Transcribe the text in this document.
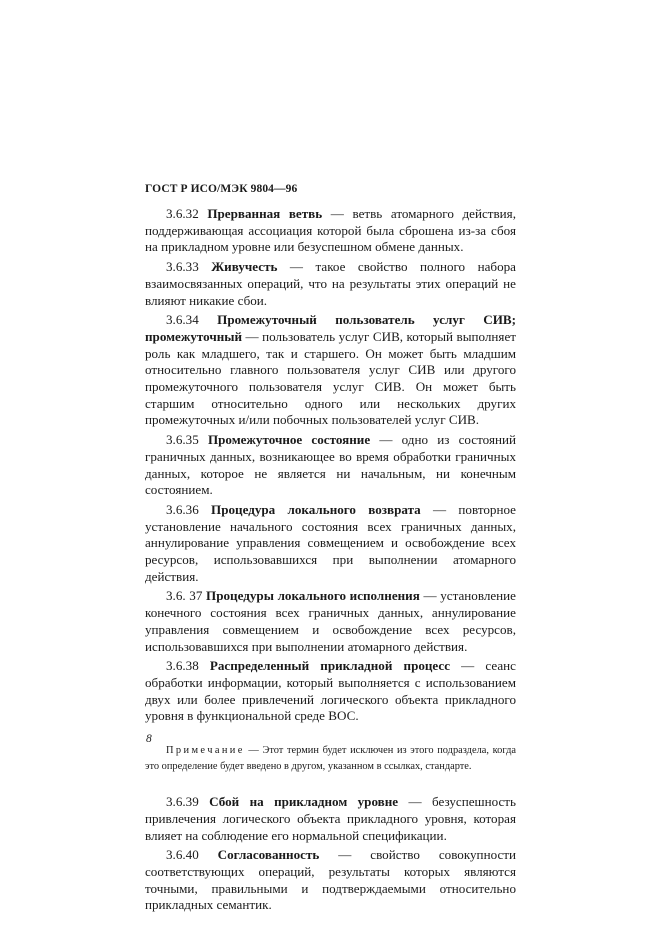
ГОСТ Р ИСО/МЭК 9804—96

3.6.32 Прерванная ветвь — ветвь атомарного действия, поддерживающая ассоциация которой была сброшена из-за сбоя на прикладном уровне или безуспешном обмене данных.

3.6.33 Живучесть — такое свойство полного набора взаимосвязанных операций, что на результаты этих операций не влияют никакие сбои.

3.6.34 Промежуточный пользователь услуг СИВ; промежуточный — пользователь услуг СИВ, который выполняет роль как младшего, так и старшего. Он может быть младшим относительно главного пользователя услуг СИВ или другого промежуточного пользователя услуг СИВ. Он может быть старшим относительно одного или нескольких других промежуточных и/или побочных пользователей услуг СИВ.

3.6.35 Промежуточное состояние — одно из состояний граничных данных, возникающее во время обработки граничных данных, которое не является ни начальным, ни конечным состоянием.

3.6.36 Процедура локального возврата — повторное установление начального состояния всех граничных данных, аннулирование управления совмещением и освобождение всех ресурсов, использовавшихся при выполнении атомарного действия.

3.6. 37 Процедуры локального исполнения — установление конечного состояния всех граничных данных, аннулирование управления совмещением и освобождение всех ресурсов, использовавшихся при выполнении атомарного действия.

3.6.38 Распределенный прикладной процесс — сеанс обработки информации, который выполняется с использованием двух или более привлечений логического объекта прикладного уровня в функциональной среде ВОС.

Примечание — Этот термин будет исключен из этого подраздела, когда это определение будет введено в другом, указанном в ссылках, стандарте.

3.6.39 Сбой на прикладном уровне — безуспешность привлечения логического объекта прикладного уровня, которая влияет на соблюдение его нормальной спецификации.

3.6.40 Согласованность — свойство совокупности соответствующих операций, результаты которых являются точными, правильными и подтверждаемыми относительно прикладных семантик.

8
